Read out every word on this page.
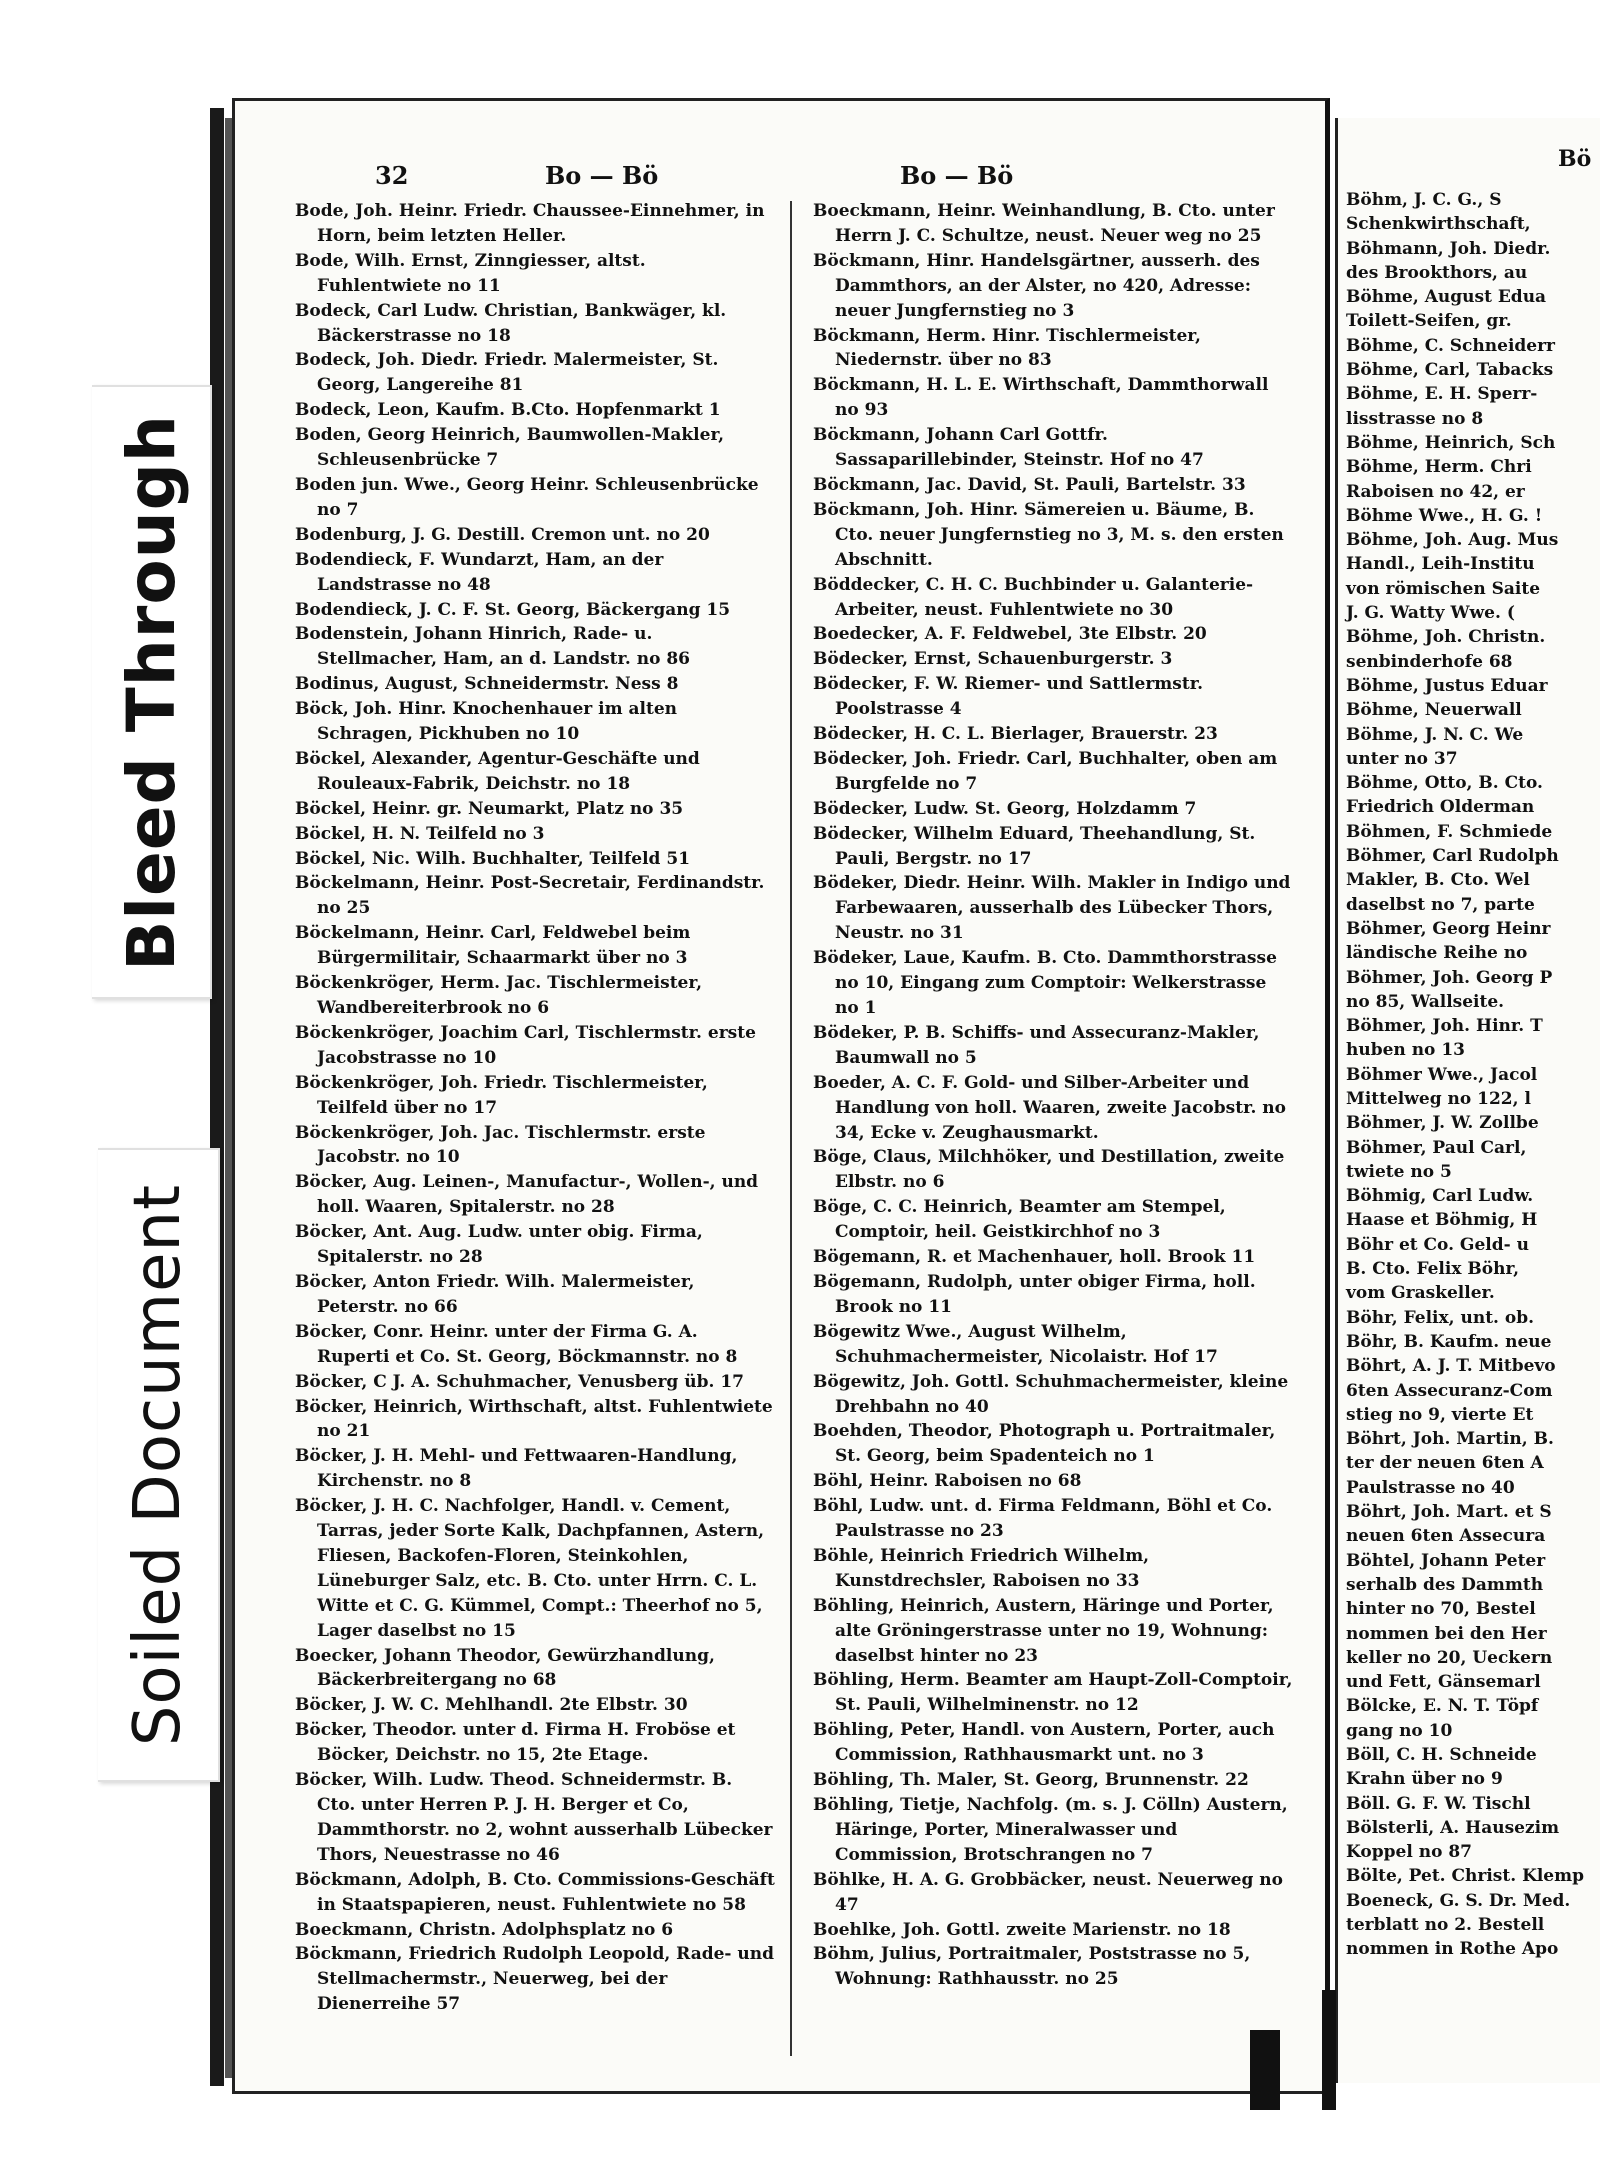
32	Bo — Bö	Bo — Bö
Bode, Joh. Heinr. Friedr. Chaussee-Einnehmer, in Horn, beim letzten Heller.
Bode, Wilh. Ernst, Zinngiesser, altst. Fuhlentwiete no 11
Bodeck, Carl Ludw. Christian, Bankwäger, kl. Bäckerstrasse no 18
Bodeck, Joh. Diedr. Friedr. Malermeister, St. Georg, Langereihe 81
Bodeck, Leon, Kaufm. B.Cto. Hopfenmarkt 1
Boden, Georg Heinrich, Baumwollen-Makler, Schleusenbrücke 7
Boden jun. Wwe., Georg Heinr. Schleusenbrücke no 7
Bodenburg, J. G. Destill. Cremon unt. no 20
Bodendieck, F. Wundarzt, Ham, an der Landstrasse no 48
Bodendieck, J. C. F. St. Georg, Bäckergang 15
Bodenstein, Johann Hinrich, Rade- u. Stellmacher, Ham, an d. Landstr. no 86
Bodinus, August, Schneidermstr. Ness 8
Böck, Joh. Hinr. Knochenhauer im alten Schragen, Pickhuben no 10
Böckel, Alexander, Agentur-Geschäfte und Rouleaux-Fabrik, Deichstr. no 18
Böckel, Heinr. gr. Neumarkt, Platz no 35
Böckel, H. N. Teilfeld no 3
Böckel, Nic. Wilh. Buchhalter, Teilfeld 51
Böckelmann, Heinr. Post-Secretair, Ferdinandstr. no 25
Böckelmann, Heinr. Carl, Feldwebel beim Bürgermilitair, Schaarmarkt über no 3
Böckenkröger, Herm. Jac. Tischlermeister, Wandbereiterbrook no 6
Böckenkröger, Joachim Carl, Tischlermstr. erste Jacobstrasse no 10
Böckenkröger, Joh. Friedr. Tischlermeister, Teilfeld über no 17
Böckenkröger, Joh. Jac. Tischlermstr. erste Jacobstr. no 10
Böcker, Aug. Leinen-, Manufactur-, Wollen-, und holl. Waaren, Spitalerstr. no 28
Böcker, Ant. Aug. Ludw. unter obig. Firma, Spitalerstr. no 28
Böcker, Anton Friedr. Wilh. Malermeister, Peterstr. no 66
Böcker, Conr. Heinr. unter der Firma G. A. Ruperti et Co. St. Georg, Böckmannstr. no 8
Böcker, C J. A. Schuhmacher, Venusberg üb. 17
Böcker, Heinrich, Wirthschaft, altst. Fuhlentwiete no 21
Böcker, J. H. Mehl- und Fettwaaren-Handlung, Kirchenstr. no 8
Böcker, J. H. C. Nachfolger, Handl. v. Cement, Tarras, jeder Sorte Kalk, Dachpfannen, Astern, Fliesen, Backofen-Floren, Steinkohlen, Lüneburger Salz, etc. B. Cto. unter Hrrn. C. L. Witte et C. G. Kümmel, Compt.: Theerhof no 5, Lager daselbst no 15
Boecker, Johann Theodor, Gewürzhandlung, Bäckerbreitergang no 68
Böcker, J. W. C. Mehlhandl. 2te Elbstr. 30
Böcker, Theodor. unter d. Firma H. Froböse et Böcker, Deichstr. no 15, 2te Etage.
Böcker, Wilh. Ludw. Theod. Schneidermstr. B. Cto. unter Herren P. J. H. Berger et Co, Dammthorstr. no 2, wohnt ausserhalb Lübecker Thors, Neuestrasse no 46
Böckmann, Adolph, B. Cto. Commissions-Geschäft in Staatspapieren, neust. Fuhlentwiete no 58
Boeckmann, Christn. Adolphsplatz no 6
Böckmann, Friedrich Rudolph Leopold, Rade- und Stellmachermstr., Neuerweg, bei der Dienerreihe 57
Boeckmann, Heinr. Weinhandlung, B. Cto. unter Herrn J. C. Schultze, neust. Neuer weg no 25
Böckmann, Hinr. Handelsgärtner, ausserh. des Dammthors, an der Alster, no 420, Adresse: neuer Jungfernstieg no 3
Böckmann, Herm. Hinr. Tischlermeister, Niedernstr. über no 83
Böckmann, H. L. E. Wirthschaft, Dammthorwall no 93
Böckmann, Johann Carl Gottfr. Sassaparillebinder, Steinstr. Hof no 47
Böckmann, Jac. David, St. Pauli, Bartelstr. 33
Böckmann, Joh. Hinr. Sämereien u. Bäume, B. Cto. neuer Jungfernstieg no 3, M. s. den ersten Abschnitt.
Böddecker, C. H. C. Buchbinder u. Galanterie-Arbeiter, neust. Fuhlentwiete no 30
Boedecker, A. F. Feldwebel, 3te Elbstr. 20
Bödecker, Ernst, Schauenburgerstr. 3
Bödecker, F. W. Riemer- und Sattlermstr. Poolstrasse 4
Bödecker, H. C. L. Bierlager, Brauerstr. 23
Bödecker, Joh. Friedr. Carl, Buchhalter, oben am Burgfelde no 7
Bödecker, Ludw. St. Georg, Holzdamm 7
Bödecker, Wilhelm Eduard, Theehandlung, St. Pauli, Bergstr. no 17
Bödeker, Diedr. Heinr. Wilh. Makler in Indigo und Farbewaaren, ausserhalb des Lübecker Thors, Neustr. no 31
Bödeker, Laue, Kaufm. B. Cto. Dammthorstrasse no 10, Eingang zum Comptoir: Welkerstrasse no 1
Bödeker, P. B. Schiffs- und Assecuranz-Makler, Baumwall no 5
Boeder, A. C. F. Gold- und Silber-Arbeiter und Handlung von holl. Waaren, zweite Jacobstr. no 34, Ecke v. Zeughausmarkt.
Böge, Claus, Milchhöker, und Destillation, zweite Elbstr. no 6
Böge, C. C. Heinrich, Beamter am Stempel, Comptoir, heil. Geistkirchhof no 3
Bögemann, R. et Machenhauer, holl. Brook 11
Bögemann, Rudolph, unter obiger Firma, holl. Brook no 11
Bögewitz Wwe., August Wilhelm, Schuhmachermeister, Nicolaistr. Hof 17
Bögewitz, Joh. Gottl. Schuhmachermeister, kleine Drehbahn no 40
Boehden, Theodor, Photograph u. Portraitmaler, St. Georg, beim Spadenteich no 1
Böhl, Heinr. Raboisen no 68
Böhl, Ludw. unt. d. Firma Feldmann, Böhl et Co. Paulstrasse no 23
Böhle, Heinrich Friedrich Wilhelm, Kunstdrechsler, Raboisen no 33
Böhling, Heinrich, Austern, Häringe und Porter, alte Gröningerstrasse unter no 19, Wohnung: daselbst hinter no 23
Böhling, Herm. Beamter am Haupt-Zoll-Comptoir, St. Pauli, Wilhelminenstr. no 12
Böhling, Peter, Handl. von Austern, Porter, auch Commission, Rathhausmarkt unt. no 3
Böhling, Th. Maler, St. Georg, Brunnenstr. 22
Böhling, Tietje, Nachfolg. (m. s. J. Cölln) Austern, Häringe, Porter, Mineralwasser und Commission, Brotschrangen no 7
Böhlke, H. A. G. Grobbäcker, neust. Neuerweg no 47
Boehlke, Joh. Gottl. zweite Marienstr. no 18
Böhm, Julius, Portraitmaler, Poststrasse no 5, Wohnung: Rathhausstr. no 25
Bö
Böhm, J. C. G., S
Schenkwirthschaft,
Böhmann, Joh. Diedr.
des Brookthors, au
Böhme, August Edua
Toilett-Seifen, gr.
Böhme, C. Schneiderr
Böhme, Carl, Tabacks
Böhme, E. H. Sperr-
lisstrasse no 8
Böhme, Heinrich, Sch
Böhme, Herm. Chri
Raboisen no 42, er
Böhme Wwe., H. G. !
Böhme, Joh. Aug. Mus
Handl., Leih-Institu
von römischen Saite
J. G. Watty Wwe. (
Böhme, Joh. Christn.
senbinderhofe 68
Böhme, Justus Eduar
Böhme, Neuerwall
Böhme, J. N. C. We
unter no 37
Böhme, Otto, B. Cto.
Friedrich Olderman
Böhmen, F. Schmiede
Böhmer, Carl Rudolph
Makler, B. Cto. Wel
daselbst no 7, parte
Böhmer, Georg Heinr
ländische Reihe no
Böhmer, Joh. Georg P
no 85, Wallseite.
Böhmer, Joh. Hinr. T
huben no 13
Böhmer Wwe., Jacol
Mittelweg no 122, l
Böhmer, J. W. Zollbe
Böhmer, Paul Carl,
twiete no 5
Böhmig, Carl Ludw.
Haase et Böhmig, H
Böhr et Co. Geld- u
B. Cto. Felix Böhr,
vom Graskeller.
Böhr, Felix, unt. ob.
Böhr, B. Kaufm. neue
Böhrt, A. J. T. Mitbevo
6ten Assecuranz-Com
stieg no 9, vierte Et
Böhrt, Joh. Martin, B.
ter der neuen 6ten A
Paulstrasse no 40
Böhrt, Joh. Mart. et S
neuen 6ten Assecura
Böhtel, Johann Peter
serhalb des Dammth
hinter no 70, Bestel
nommen bei den Her
keller no 20, Ueckern
und Fett, Gänsemarl
Bölcke, E. N. T. Töpf
gang no 10
Böll, C. H. Schneide
Krahn über no 9
Böll. G. F. W. Tischl
Bölsterli, A. Hausezim
Koppel no 87
Bölte, Pet. Christ. Klemp
Boeneck, G. S. Dr. Med.
terblatt no 2. Bestell
nommen in Rothe Apo
Bleed Through
Soiled Document
